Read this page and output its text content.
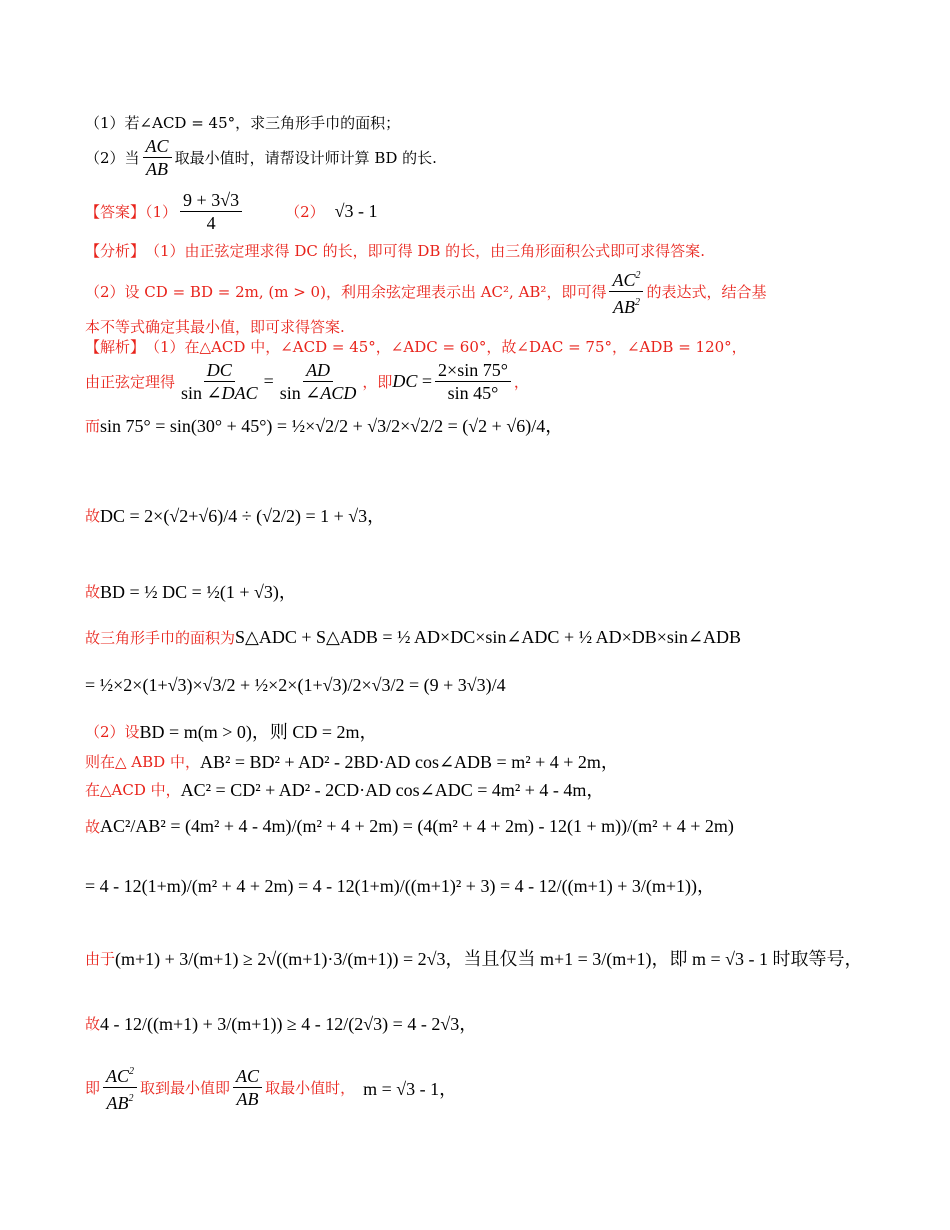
（1）若∠ACD = 45°，求三角形手巾的面积；
（2）当 $\frac{AC}{AB}$ 取最小值时，请帮设计师计算 BD 的长.
【答案】$(1) \frac{9 + 3√3}{4}$	（2） √3 - 1
【分析】 （1）由正弦定理求得 DC 的长，即可得 DB 的长，由三角形面积公式即可求得答案.
（2）设 CD = BD = 2m, (m > 0)，利用余弦定理表示出 AC², AB²，即可得 $\frac{AC^2}{AB^2}$ 的表达式，结合基
本不等式确定其最小值，即可求得答案.
【解析】 （1）在△ACD 中，∠ACD = 45°，∠ADC = 60°，故∠DAC = 75°，∠ADB = 120°，
由正弦定理得 $\frac{DC}{\text{sin ∠DAC}} = \frac{AD}{\text{sin ∠ACD}}$ ，即 DC = $\frac{2\times\sin 75^\circ}{\sin 45^\circ}$ ，
而 sin 75° = sin(30° + 45°) = ½×√2/2 + √3/2×√2/2 = (√2 + √6)/4，
故 DC = 2×(√2+√6)/4 ÷ (√2/2) = 1 + √3，
故 BD = ½ DC = ½(1 + √3)，
故三角形手巾的面积为 S△ADC + S△ADB = ½ AD×DC×sin∠ADC + ½ AD×DB×sin∠ADB
= ½×2×(1+√3)×√3/2 + ½×2×(1+√3)/2×√3/2 = (9 + 3√3)/4
（2）设 BD = m(m > 0)，则 CD = 2m，
则在△ ABD 中， AB² = BD² + AD² - 2BD·AD cos∠ADB = m² + 4 + 2m，
在△ACD 中， AC² = CD² + AD² - 2CD·AD cos∠ADC = 4m² + 4 - 4m，
故 AC²/AB² = (4m² + 4 - 4m)/(m² + 4 + 2m) = (4(m² + 4 + 2m) - 12(1 + m))/(m² + 4 + 2m)
= 4 - 12(1+m)/(m² + 4 + 2m) = 4 - 12(1+m)/((m+1)² + 3) = 4 - 12/((m+1) + 3/(m+1))，
由于 (m+1) + 3/(m+1) ≥ 2√((m+1)·3/(m+1)) = 2√3，当且仅当 m+1 = 3/(m+1)，即 m = √3 - 1 时取等号，
故 4 - 12/((m+1) + 3/(m+1)) ≥ 4 - 12/(2√3) = 4 - 2√3，
即 $\frac{AC^2}{AB^2}$ 取到最小值即 $\frac{AC}{AB}$ 取最小值时， m = √3 - 1，
